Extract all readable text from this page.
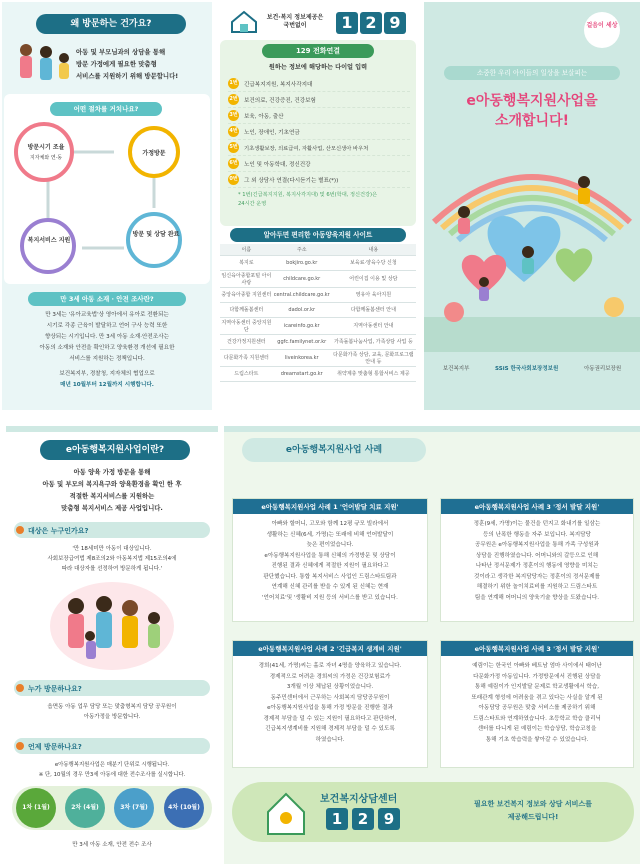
왜 방문하는 건가요?
아동 및 부모님과의 상담을 통해
방문 가정에게 필요한 맞춤형
서비스를 지원하기 위해 방문합니다!
어떤 절차를 거치나요?
방문시기 조율
지자체와 연·동
가정방문
방문 및 상담 완료
복지서비스 지원
만 3세 아동 소재 · 안전 조사란?
만 3세는 '유아교육법'상 영아에서 유아로 전환되는
시기로 각종 근육이 발달하고 언어 구사 능력 또한
향상되는 시기입니다. 만 3세 아동 소재·안전조사는
아동의 소재와 안전을 확인하고 양육환경 개선에 필요한
서비스를 지원하는 정책입니다.
보건복지부, 경찰청, 지자체의 협업으로
매년 10월부터 12월까지 시행합니다.
보건·복지 정보제공은
국번없이	1 2 9
129 전화연결
원하는 정보에 해당하는 다이얼 입력
1번 긴급복지지원, 복지사각지대
2번 보건의료, 건강증진, 건강보험
3번 보육, 아동, 출산
4번 노인, 장애인, 기초연금
5번 기초생활보장, 의료급여, 자활사업, 산모신생아 바우처
6번 노인 및 아동학대, 정신건강
0번 그 외 상담사 연결(다시듣기는 별표(*))
* 1번(긴급복지지원, 복지사각지대) 및 6번(학대, 정신건강)은
24시간 운영
알아두면 편리한 아동양육지원 사이트
이름	주소	내용
복지로	bokjiro.go.kr	보육료·양육수당 신청
임신육아종합포털 아이사랑	childcare.go.kr	어린이집 이용 및 상담
중앙육아종합 지원센터	central.childcare.go.kr	영유아 육아지원
다함께돌봄센터	dadol.or.kr	다함께돌봄센터 안내
지역아동센터 중앙지원단	icareinfo.go.kr	지역아동센터 안내
건강가정지원센터	ggfc.familynet.or.kr	가족돌봄나눔사업, 가족상담 사업 등
다문화가족 지원센터	liveinkorea.kr	다문화가족 상담, 교육, 문화프로그램 안내 등
드림스타트	dreamstart.go.kr	취약계층 맞춤형 통합서비스 제공
걸음이 세상
소중한 우리 아이들의 일상을 보살피는
e아동행복지원사업을
소개합니다!
보건복지부	SSiS 한국사회보장정보원	아동권리보장원
e아동행복지원사업이란?
아동 양육 가정 방문을 통해
아동 및 부모의 복지욕구와 양육환경을 확인 한 후
적절한 복지서비스를 지원하는
맞춤형 복지서비스 제공 사업입니다.
대상은 누구인가요?
'만 18세미만 아동이 대상입니다.
사회보장급여법 제8조의2와 아동복지법 제15조의4에
따라 대상자를 선정하여 방문하게 됩니다.'
누가 방문하나요?
읍면동 아동 업무 담당 또는 맞춤형복지 담당 공무원이
아동가정을 방문합니다.
언제 방문하나요?
e아동행복지원사업은 매분기 단위로 시행됩니다.
※ 단, 10월의 경우 만3세 아동에 대한 전수조사를 실시합니다.
1차 (1월)	2차 (4월)	3차 (7월)	4차 (10월)
만 3세 아동 소재, 안전 전수 조사
e아동행복지원사업 사례
e아동행복지원사업 사례 1 '언어발달 치료 지원'
아빠와 할머니, 고모와 함께 12평 규모 빌라에서
생활하는 신혜(6세, 가명)는 또래에 비해 언어발달이
늦은 편이었습니다.
e아동행복지원사업을 통해 신혜의 가정방문 및 상담이
진행된 결과 신혜에게 적절한 지원이 필요하다고
판단했습니다. 통합 복지서비스 사업인 드림스타트팀과
연계해 신혜 관리를 받을 수 있게 된 신혜는 현재
'언어치료'및 '생활비 지원 등의 서비스를 받고 있습니다.
e아동행복지원사업 사례 3 '정서 발달 지원'
정훈(9세, 가명)이는 물건을 던지고 화내기를 일삼는
등의 난폭한 행동을 자주 보입니다. 복지담당
공무원은 e아동행복지원사업을 통해 가족 구성원과
상담을 진행하였습니다. 어머니와의 갈등으로 인해
나타난 정서문제가 정훈이의 행동에 영향을 미치는
것이라고 생각한 복지담당자는 정훈이의 정서문제를
해결하기 위한 놀이치료비를 지원하고 드림스타트
팀을 연계해 어머니의 양육기술 향상을 도왔습니다.
e아동행복지원사업 사례 2 '긴급복지 생계비 지원'
경희(41세, 가명)씨는 홀로 자녀 4명을 양육하고 있습니다.
경제적으로 어려운 경희씨의 가정은 건강보험료가
3개월 이상 체납된 상황이었습니다.
동주민센터에서 근무하는 사회복지 담당공무원이
e아동행복지원사업을 통해 가정 방문을 진행한 결과
경제적 부담을 덜 수 있는 지원이 필요하다고 판단하여,
긴급복지생계비를 지원해 경제적 부담을 덜 수 있도록
하였습니다.
e아동행복지원사업 사례 3 '정서 발달 지원'
예림이는 한국인 아빠와 베트남 엄마 사이에서 태어난
다문화가정 아동입니다. 가정방문에서 진행된 상담을
통해 예림이가 인지발달 문제로 학교생활에서 학습,
또래관계 형성에 어려움을 겪고 있다는 사실을 알게 된
아동담당 공무원은 맞춤 서비스를 제공하기 위해
드림스타트와 연계하였습니다. 초등학교 학습 클리닉
센터를 다니게 된 예림이는 학습상담, 학습코칭을
통해 기초 학습력을 쌓아갈 수 있었습니다.
보건복지상담센터
1	2	9
필요한 보건복지 정보와 상담 서비스를
제공해드립니다!
